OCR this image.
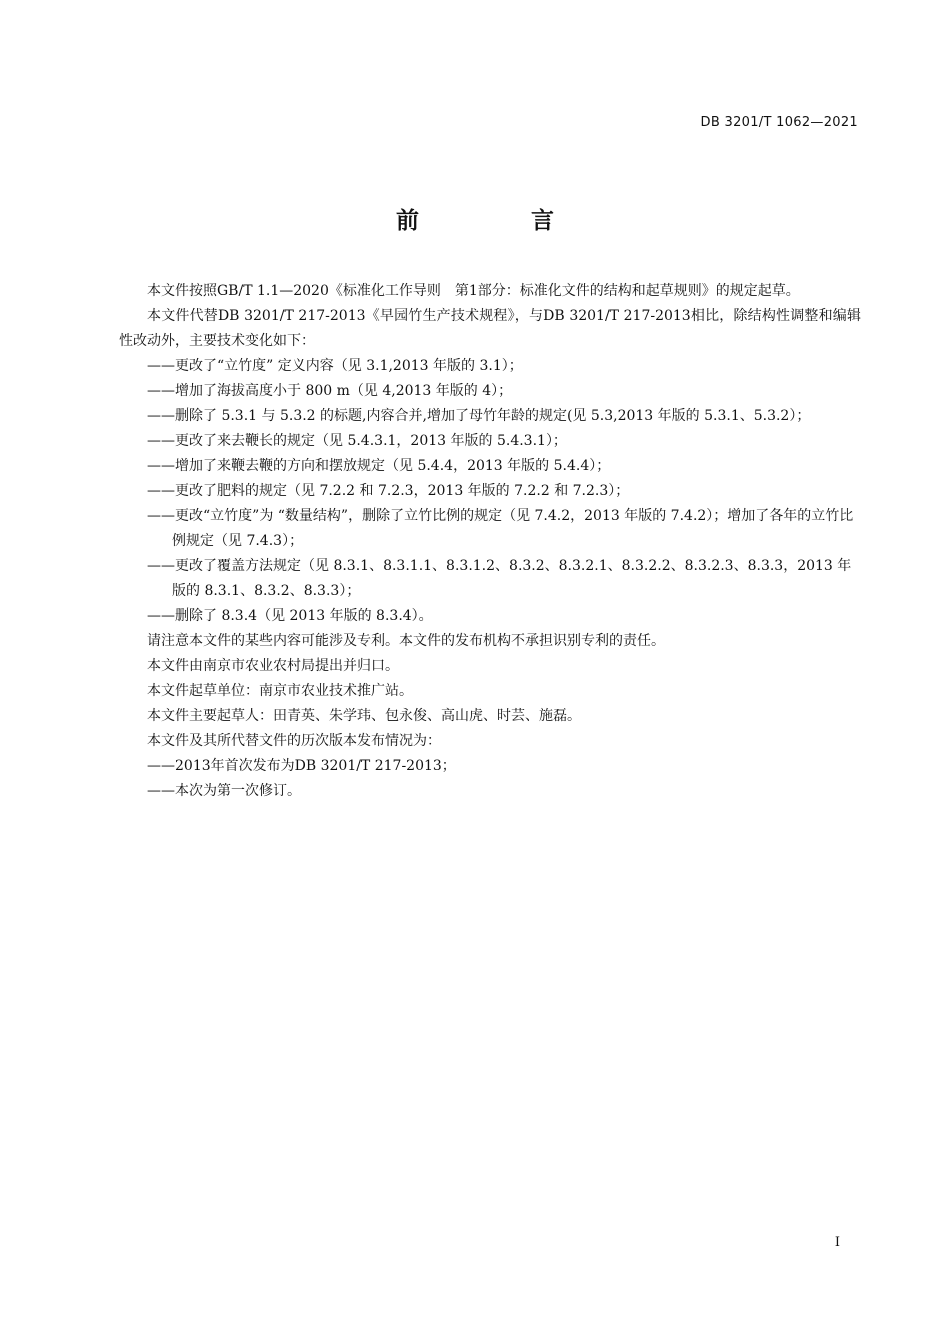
DB 3201/T 1062—2021
前 言

本文件按照GB/T 1.1—2020《标准化工作导则　第1部分：标准化文件的结构和起草规则》的规定起草。

本文件代替DB 3201/T 217-2013《早园竹生产技术规程》，与DB 3201/T 217-2013相比，除结构性调整和编辑性改动外，主要技术变化如下：

——更改了“立竹度” 定义内容（见 3.1,2013 年版的 3.1）；

——增加了海拔高度小于 800 m（见 4,2013 年版的 4）；

——删除了 5.3.1 与 5.3.2 的标题,内容合并,增加了母竹年龄的规定(见 5.3,2013 年版的 5.3.1、5.3.2）；

——更改了来去鞭长的规定（见 5.4.3.1，2013 年版的 5.4.3.1）；

——增加了来鞭去鞭的方向和摆放规定（见 5.4.4，2013 年版的 5.4.4）；

——更改了肥料的规定（见 7.2.2 和 7.2.3，2013 年版的 7.2.2 和 7.2.3）；

——更改“立竹度”为 “数量结构”，删除了立竹比例的规定（见 7.4.2，2013 年版的 7.4.2）；增加了各年的立竹比例规定（见 7.4.3）；

——更改了覆盖方法规定（见 8.3.1、8.3.1.1、8.3.1.2、8.3.2、8.3.2.1、8.3.2.2、8.3.2.3、8.3.3，2013 年版的 8.3.1、8.3.2、8.3.3）；

——删除了 8.3.4（见 2013 年版的 8.3.4）。

请注意本文件的某些内容可能涉及专利。本文件的发布机构不承担识别专利的责任。

本文件由南京市农业农村局提出并归口。

本文件起草单位：南京市农业技术推广站。

本文件主要起草人：田青英、朱学玮、包永俊、高山虎、时芸、施磊。

本文件及其所代替文件的历次版本发布情况为：

——2013年首次发布为DB 3201/T 217-2013；

——本次为第一次修订。

I
